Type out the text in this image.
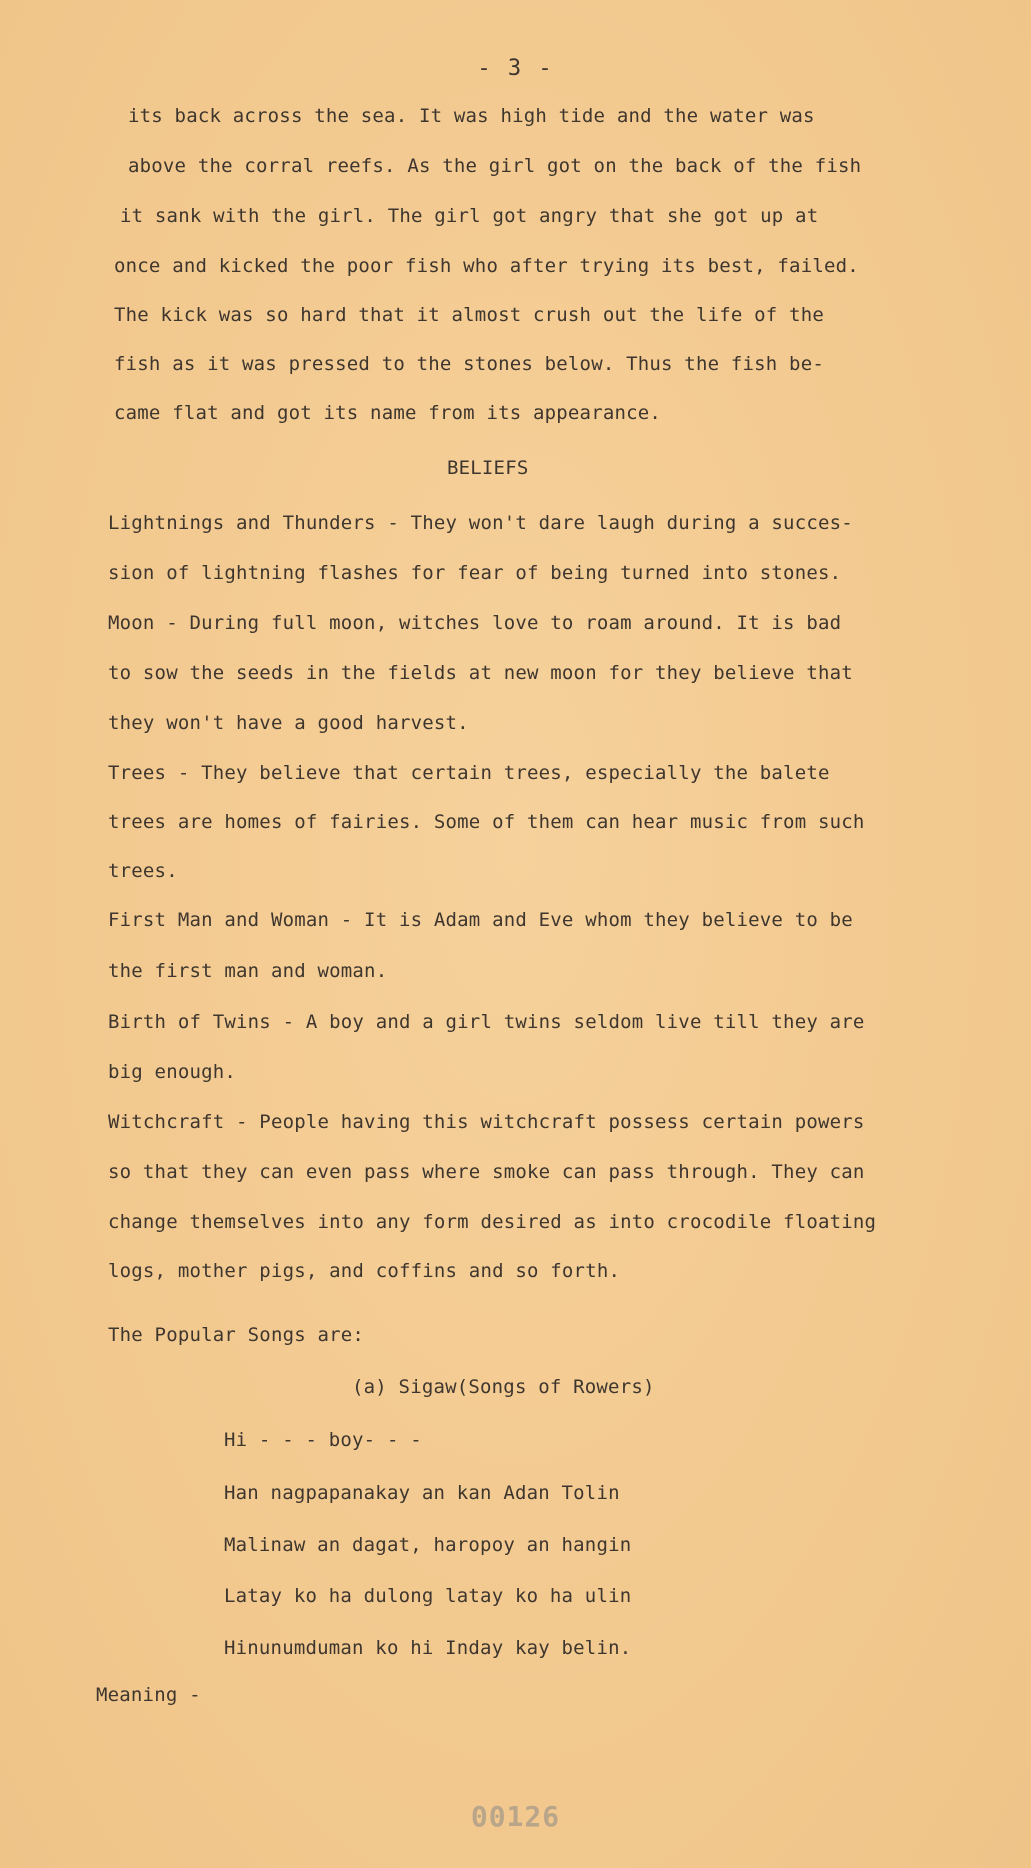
- 3 -
its back across the sea. It was high tide and the water was
above the corral reefs. As the girl got on the back of the fish
it sank with the girl. The girl got angry that she got up at
once and kicked the poor fish who after trying its best, failed.
The kick was so hard that it almost crush out the life of the
fish as it was pressed to the stones below. Thus the fish be-
came flat and got its name from its appearance.
BELIEFS
Lightnings and Thunders - They won't dare laugh during a succes-
sion of lightning flashes for fear of being turned into stones.
Moon - During full moon, witches love to roam around. It is bad
to sow the seeds in the fields at new moon for they believe that
they won't have a good harvest.
Trees - They believe that certain trees, especially the balete
trees are homes of fairies. Some of them can hear music from such
trees.
First Man and Woman - It is Adam and Eve whom they believe to be
the first man and woman.
Birth of Twins - A boy and a girl twins seldom live till they are
big enough.
Witchcraft - People having this witchcraft possess certain powers
so that they can even pass where smoke can pass through. They can
change themselves into any form desired as into crocodile floating
logs, mother pigs, and coffins and so forth.
The Popular Songs are:
(a) Sigaw(Songs of Rowers)
Hi - - - boy- - -
Han nagpapanakay an kan Adan Tolin
Malinaw an dagat, haropoy an hangin
Latay ko ha dulong latay ko ha ulin
Hinunumduman ko hi Inday kay belin.
Meaning -
00126
